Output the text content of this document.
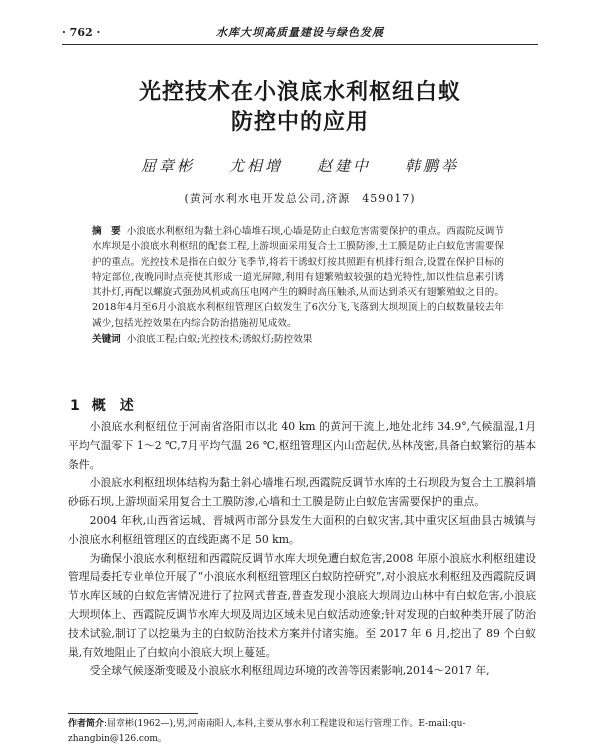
· 762 ·	水库大坝高质量建设与绿色发展
光控技术在小浪底水利枢纽白蚁
防控中的应用
屈章彬 尤相增 赵建中 韩鹏举
(黄河水利水电开发总公司,济源　459017)
摘　要 小浪底水利枢纽为黏土斜心墙堆石坝,心墙是防止白蚁危害需要保护的重点。西霞院反调节水库坝是小浪底水利枢纽的配套工程,上游坝面采用复合土工膜防渗,土工膜是防止白蚁危害需要保护的重点。光控技术是指在白蚁分飞季节,将若干诱蚁灯按其照距有机排行组合,设置在保护目标的特定部位,夜晚同时点亮使其形成一道光屏障,利用有翅繁殖蚁较强的趋光特性,加以性信息素引诱其扑灯,再配以螺旋式强劲风机或高压电网产生的瞬时高压触杀,从而达到杀灭有翅繁殖蚁之目的。2018年4月至6月小浪底水利枢纽管理区白蚁发生了6次分飞,飞落到大坝坝顶上的白蚁数量较去年减少,包括光控效果在内综合防治措施初见成效。
关键词 小浪底工程;白蚁;光控技术;诱蚁灯;防控效果
1 概　述

小浪底水利枢纽位于河南省洛阳市以北 40 km 的黄河干流上,地处北纬 34.9°,气候温湿,1月平均气温零下 1～2 ℃,7月平均气温 26 ℃,枢纽管理区内山峦起伏,丛林茂密,具备白蚁繁衍的基本条件。

小浪底水利枢纽坝体结构为黏土斜心墙堆石坝,西霞院反调节水库的土石坝段为复合土工膜斜墙砂砾石坝,上游坝面采用复合土工膜防渗,心墙和土工膜是防止白蚁危害需要保护的重点。

2004 年秋,山西省运城、晋城两市部分县发生大面积的白蚁灾害,其中重灾区垣曲县古城镇与小浪底水利枢纽管理区的直线距离不足 50 km。

为确保小浪底水利枢纽和西霞院反调节水库大坝免遭白蚁危害,2008 年原小浪底水利枢纽建设管理局委托专业单位开展了“小浪底水利枢纽管理区白蚁防控研究”,对小浪底水利枢纽及西霞院反调节水库区域的白蚁危害情况进行了拉网式普查,普查发现小浪底大坝周边山林中有白蚁危害,小浪底大坝坝体上、西霞院反调节水库大坝及周边区域未见白蚁活动迹象;针对发现的白蚁种类开展了防治技术试验,制订了以挖巢为主的白蚁防治技术方案并付诸实施。至 2017 年 6 月,挖出了 89 个白蚁巢,有效地阻止了白蚁向小浪底大坝上蔓延。

受全球气候逐渐变暖及小浪底水利枢纽周边环境的改善等因素影响,2014～2017 年,

作者简介:屈章彬(1962—),男,河南南阳人,本科,主要从事水利工程建设和运行管理工作。E-mail:qu-zhangbin@126.com。
